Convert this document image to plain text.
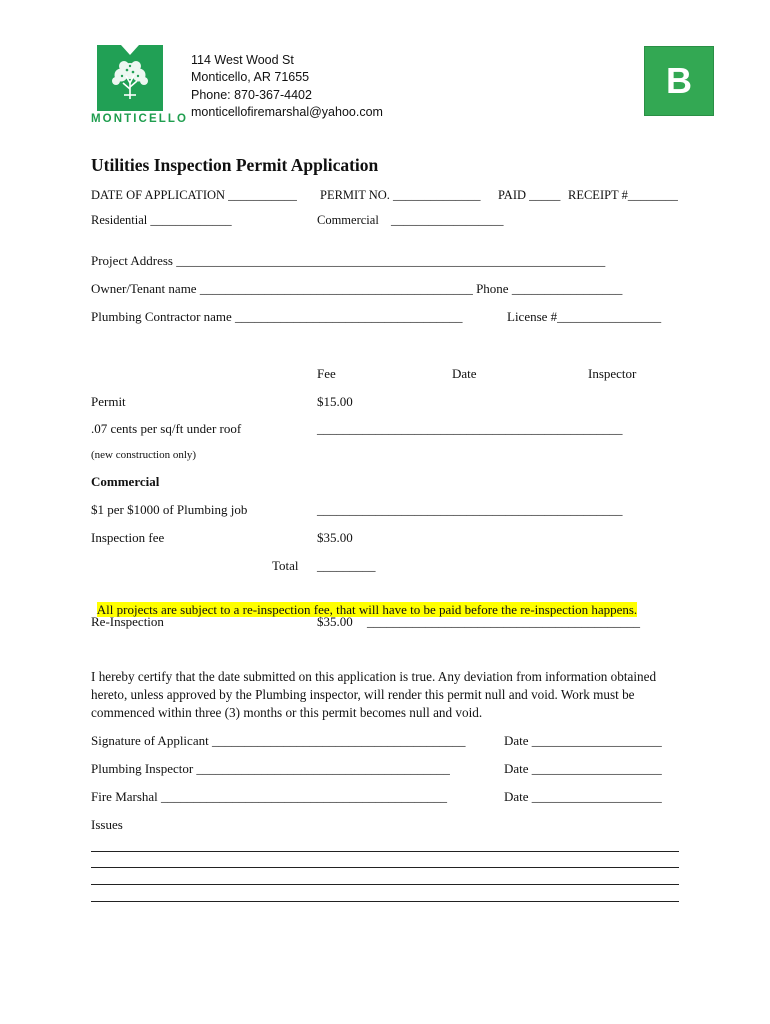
MONTICELLO
114 West Wood St
Monticello, AR 71655
Phone: 870-367-4402
monticellofiremarshal@yahoo.com
B
Utilities Inspection Permit Application
DATE OF APPLICATION ___________ PERMIT NO. ______________ PAID _____ RECEIPT #________
Residential _____________	Commercial __________________
Project Address __________________________________________________________________
Owner/Tenant name __________________________________________ Phone _________________
Plumbing Contractor name ___________________________________	License #________________
Fee	Date	Inspector
Permit	$15.00
.07 cents per sq/ft under roof	_______________________________________________
(new construction only)
Commercial
$1 per $1000 of Plumbing job	_______________________________________________
Inspection fee	$35.00
Total _________

All projects are subject to a re-inspection fee, that will have to be paid before the re-inspection happens.

Re-Inspection	$35.00 __________________________________________
I hereby certify that the date submitted on this application is true. Any deviation from information obtained hereto, unless approved by the Plumbing inspector, will render this permit null and void. Work must be commenced within three (3) months or this permit becomes null and void.
Signature of Applicant _______________________________________	Date ____________________
Plumbing Inspector _______________________________________	Date ____________________
Fire Marshal ____________________________________________	Date ____________________
Issues
